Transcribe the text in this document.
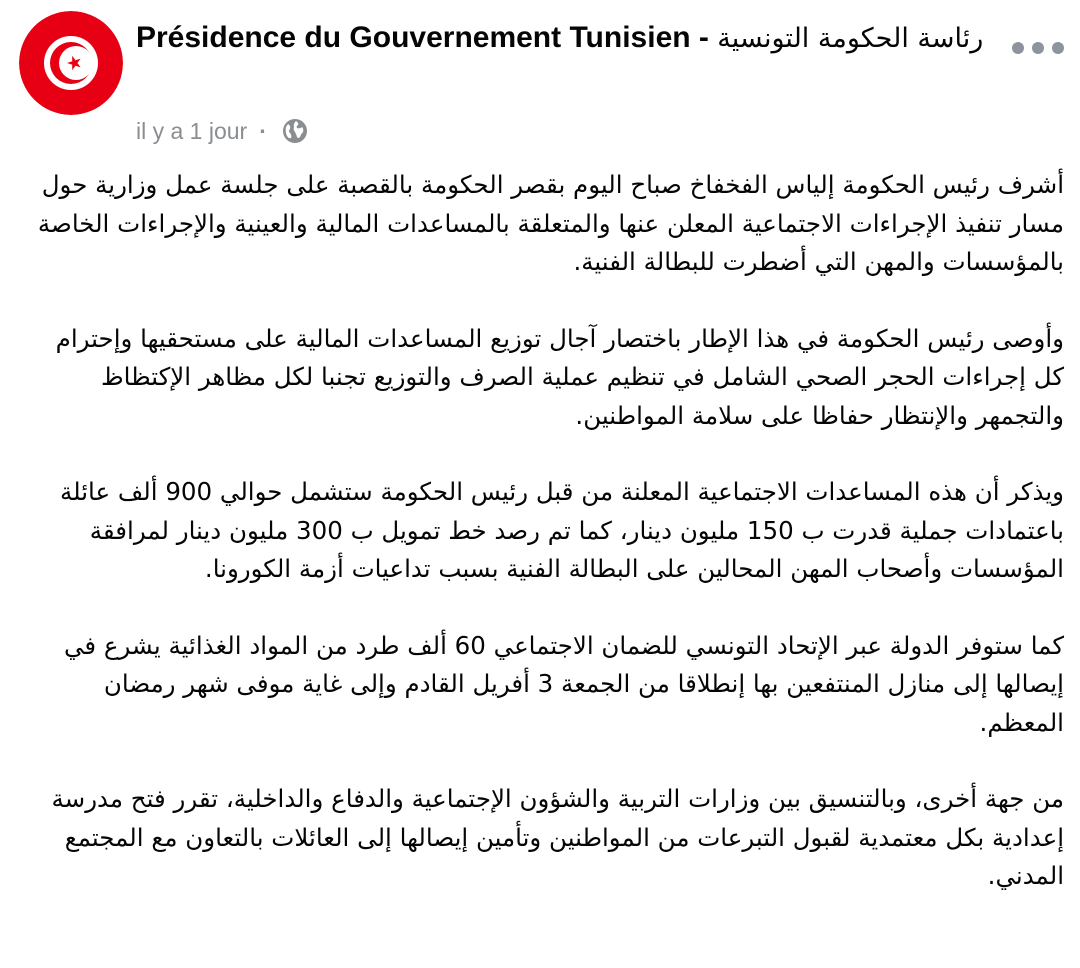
Présidence du Gouvernement Tunisien - رئاسة الحكومة التونسية
il y a 1 jour ·

أشرف رئيس الحكومة إلياس الفخفاخ صباح اليوم بقصر الحكومة بالقصبة على جلسة عمل وزارية حول مسار تنفيذ الإجراءات الاجتماعية المعلن عنها والمتعلقة بالمساعدات المالية والعينية والإجراءات الخاصة بالمؤسسات والمهن التي أضطرت للبطالة الفنية.

وأوصى رئيس الحكومة في هذا الإطار باختصار آجال توزيع المساعدات المالية على مستحقيها وإحترام كل إجراءات الحجر الصحي الشامل في تنظيم عملية الصرف والتوزيع تجنبا لكل مظاهر الإكتظاظ والتجمهر والإنتظار حفاظا على سلامة المواطنين.

ويذكر أن هذه المساعدات الاجتماعية المعلنة من قبل رئيس الحكومة ستشمل حوالي 900 ألف عائلة باعتمادات جملية قدرت ب 150 مليون دينار، كما تم رصد خط تمويل ب 300 مليون دينار لمرافقة المؤسسات وأصحاب المهن المحالين على البطالة الفنية بسبب تداعيات أزمة الكورونا.

كما ستوفر الدولة عبر الإتحاد التونسي للضمان الاجتماعي 60 ألف طرد من المواد الغذائية يشرع في إيصالها إلى منازل المنتفعين بها إنطلاقا من الجمعة 3 أفريل القادم وإلى غاية موفى شهر رمضان المعظم.

من جهة أخرى، وبالتنسيق بين وزارات التربية والشؤون الإجتماعية والدفاع والداخلية، تقرر فتح مدرسة إعدادية بكل معتمدية لقبول التبرعات من المواطنين وتأمين إيصالها إلى العائلات بالتعاون مع المجتمع المدني.
